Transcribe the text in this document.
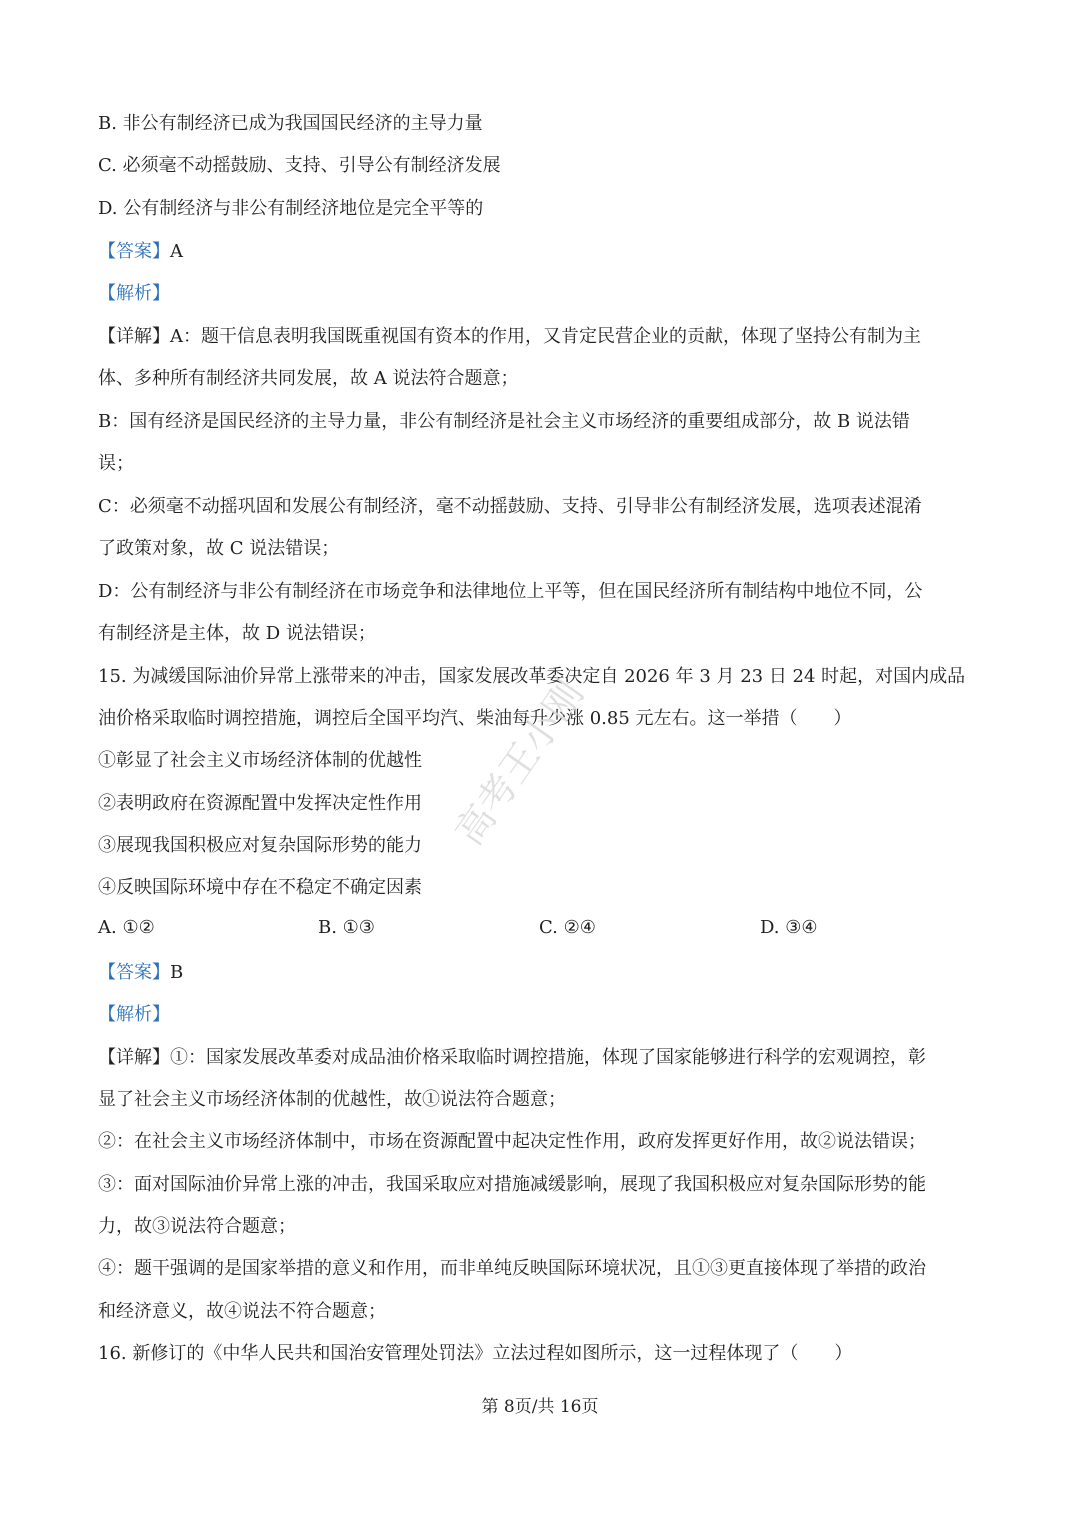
B. 非公有制经济已成为我国国民经济的主导力量
C. 必须毫不动摇鼓励、支持、引导公有制经济发展
D. 公有制经济与非公有制经济地位是完全平等的
【答案】A
【解析】
【详解】A：题干信息表明我国既重视国有资本的作用，又肯定民营企业的贡献，体现了坚持公有制为主
体、多种所有制经济共同发展，故 A 说法符合题意；
B：国有经济是国民经济的主导力量，非公有制经济是社会主义市场经济的重要组成部分，故 B 说法错
误；
C：必须毫不动摇巩固和发展公有制经济，毫不动摇鼓励、支持、引导非公有制经济发展，选项表述混淆
了政策对象，故 C 说法错误；
D：公有制经济与非公有制经济在市场竞争和法律地位上平等，但在国民经济所有制结构中地位不同，公
有制经济是主体，故 D 说法错误；
15. 为减缓国际油价异常上涨带来的冲击，国家发展改革委决定自 2026 年 3 月 23 日 24 时起，对国内成品
油价格采取临时调控措施，调控后全国平均汽、柴油每升少涨 0.85 元左右。这一举措（　　）
①彰显了社会主义市场经济体制的优越性
②表明政府在资源配置中发挥决定性作用
③展现我国积极应对复杂国际形势的能力
④反映国际环境中存在不稳定不确定因素
A. ①②	B. ①③	C. ②④	D. ③④
【答案】B
【解析】
【详解】①：国家发展改革委对成品油价格采取临时调控措施，体现了国家能够进行科学的宏观调控，彰
显了社会主义市场经济体制的优越性，故①说法符合题意；
②：在社会主义市场经济体制中，市场在资源配置中起决定性作用，政府发挥更好作用，故②说法错误；
③：面对国际油价异常上涨的冲击，我国采取应对措施减缓影响，展现了我国积极应对复杂国际形势的能
力，故③说法符合题意；
④：题干强调的是国家举措的意义和作用，而非单纯反映国际环境状况，且①③更直接体现了举措的政治
和经济意义，故④说法不符合题意；
16. 新修订的《中华人民共和国治安管理处罚法》立法过程如图所示，这一过程体现了（　　）
第 8页/共 16页
高考王小刚
